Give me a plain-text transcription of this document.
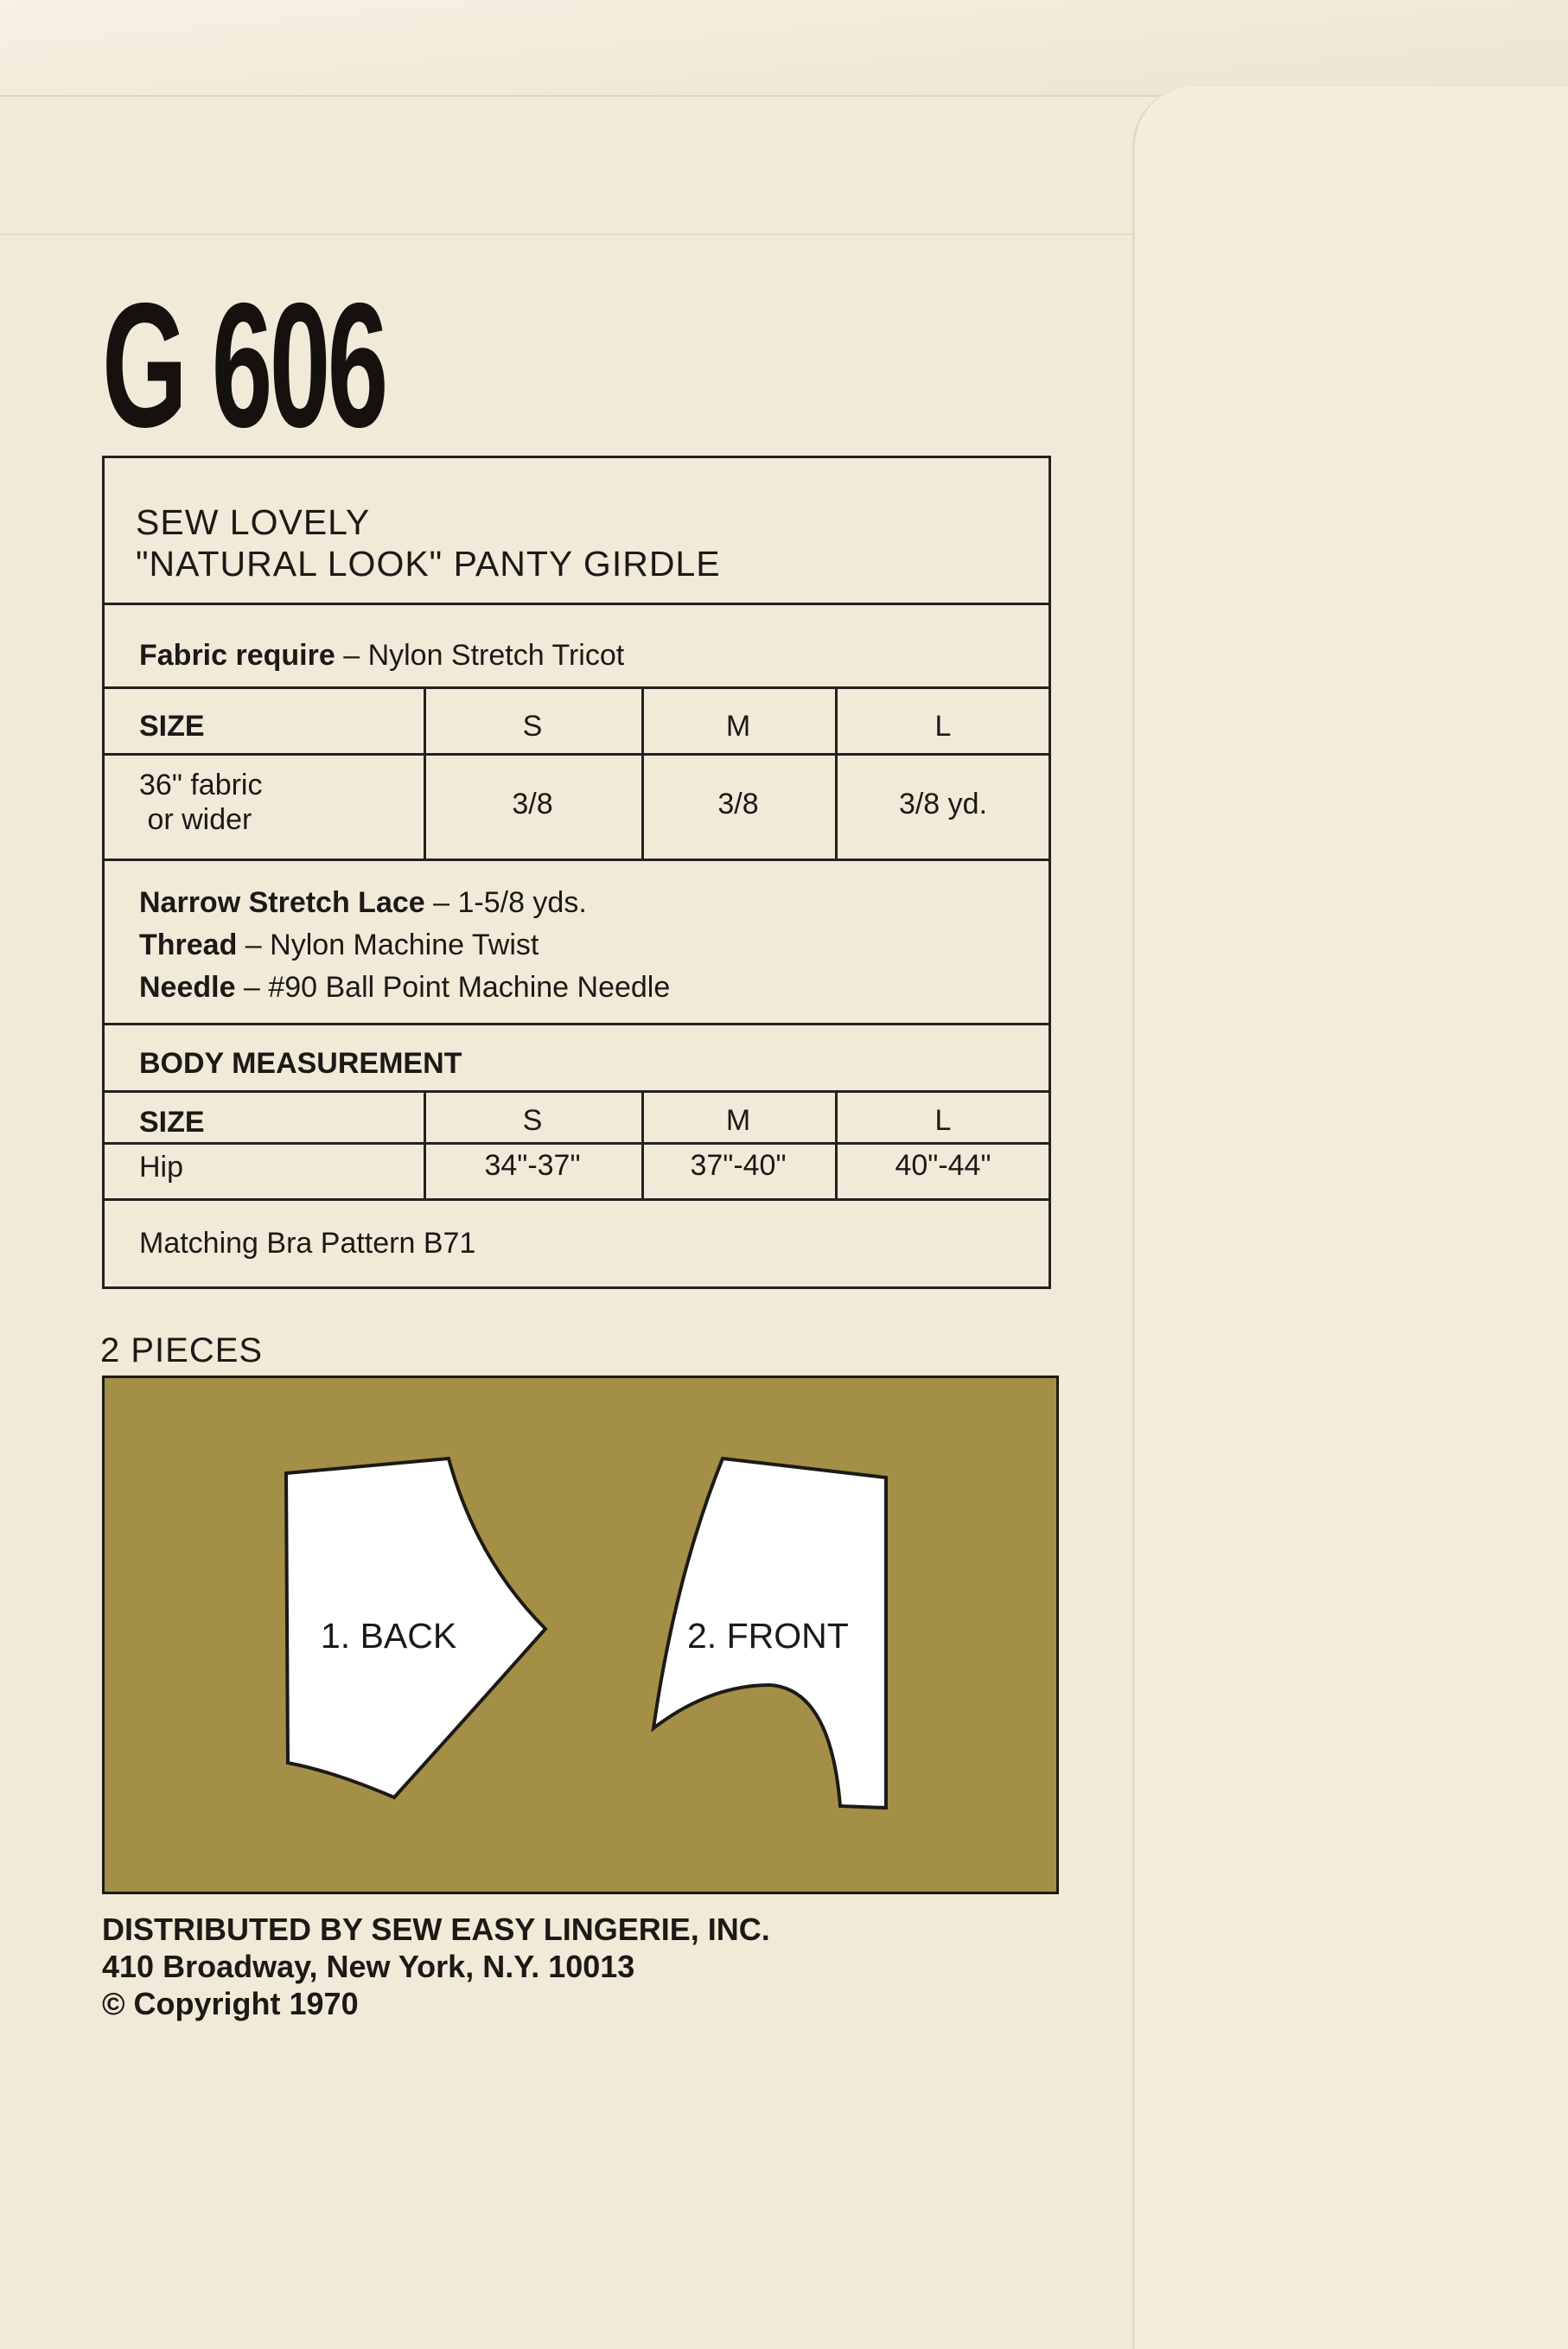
G 606
SEW LOVELY
"NATURAL LOOK" PANTY GIRDLE
Fabric require – Nylon Stretch Tricot
SIZE	S	M	L
36" fabric
or wider	3/8	3/8	3/8 yd.
Narrow Stretch Lace – 1-5/8 yds.
Thread – Nylon Machine Twist
Needle – #90 Ball Point Machine Needle
BODY MEASUREMENT
SIZE	S	M	L
Hip	34"-37"	37"-40"	40"-44"
Matching Bra Pattern B71
2 PIECES
1. BACK	2. FRONT

DISTRIBUTED BY SEW EASY LINGERIE, INC.

410 Broadway, New York, N.Y. 10013

© Copyright 1970
